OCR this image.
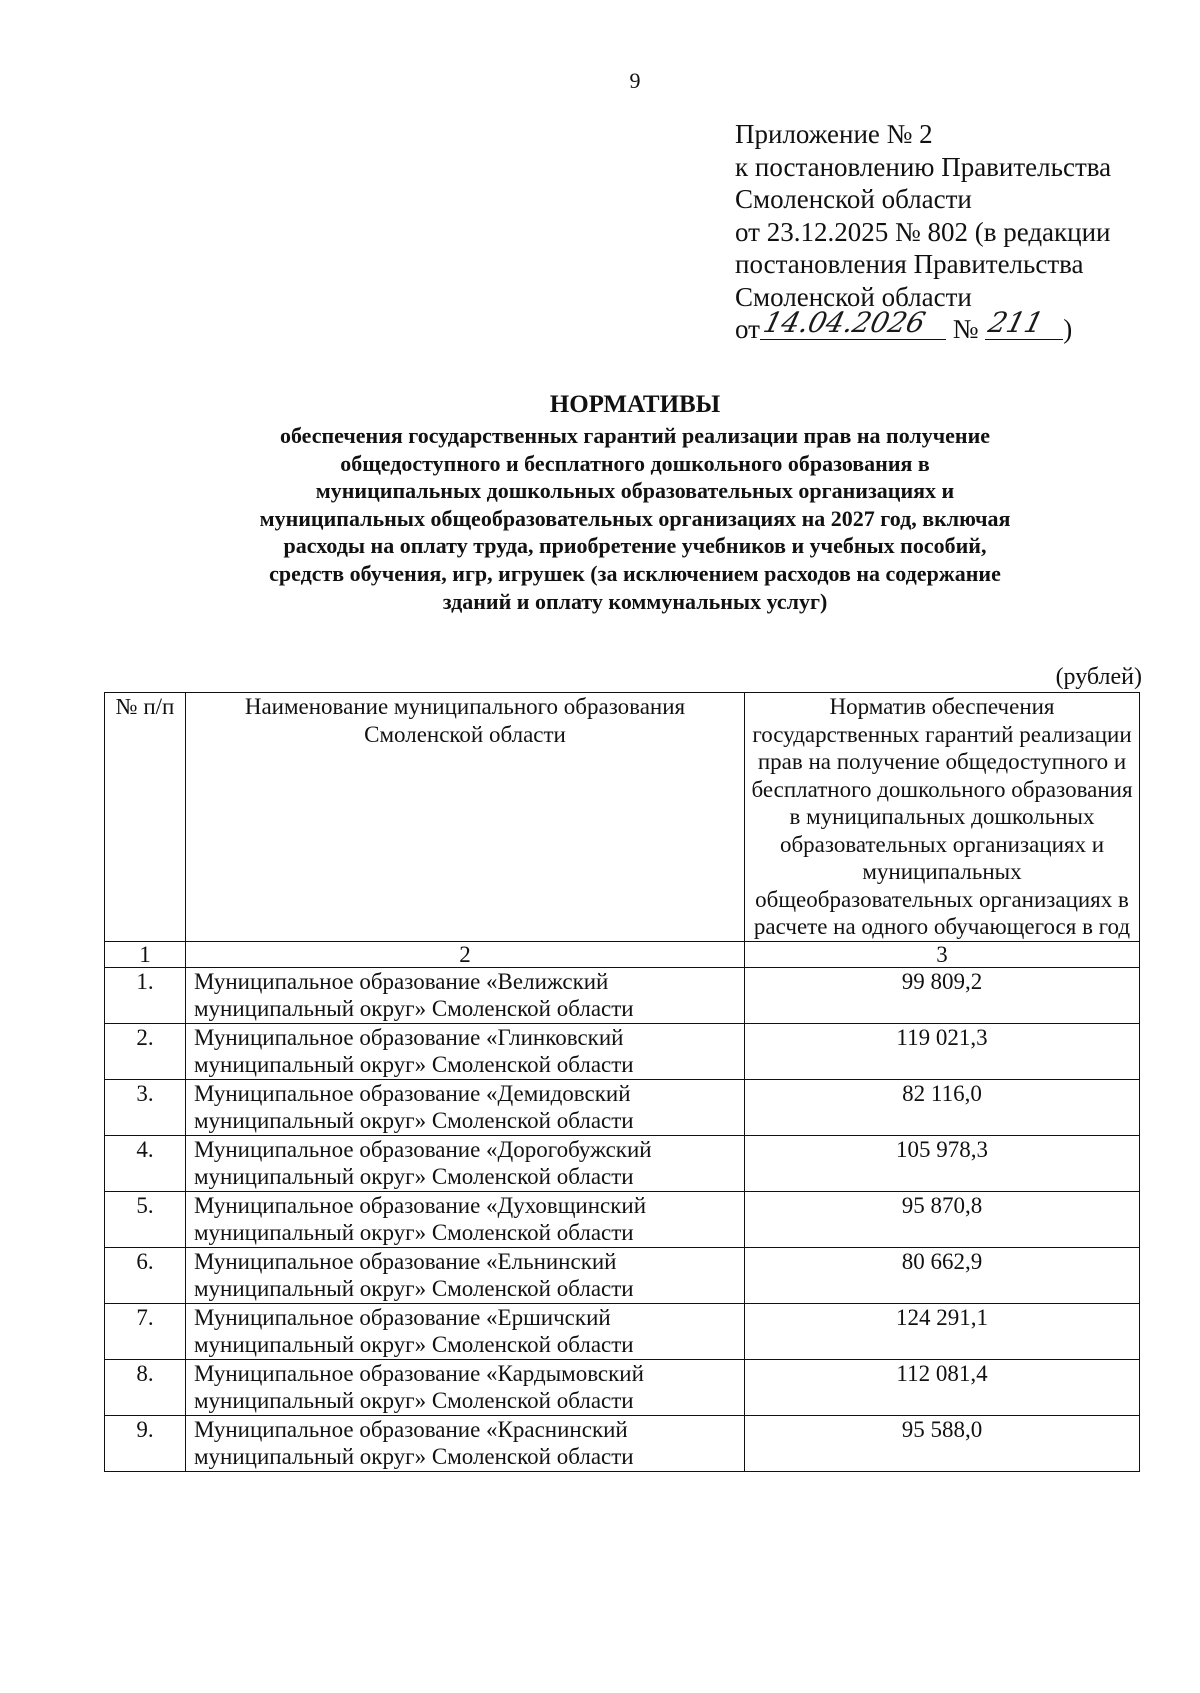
9
Приложение № 2
к постановлению Правительства
Смоленской области
от 23.12.2025 № 802 (в редакции
постановления Правительства
Смоленской области
от 14.04.2026 № 211 )
НОРМАТИВЫ
обеспечения государственных гарантий реализации прав на получение общедоступного и бесплатного дошкольного образования в муниципальных дошкольных образовательных организациях и муниципальных общеобразовательных организациях на 2027 год, включая расходы на оплату труда, приобретение учебников и учебных пособий, средств обучения, игр, игрушек (за исключением расходов на содержание зданий и оплату коммунальных услуг)
(рублей)
№ п/п	Наименование муниципального образования Смоленской области	Норматив обеспечения государственных гарантий реализации прав на получение общедоступного и бесплатного дошкольного образования в муниципальных дошкольных образовательных организациях и муниципальных общеобразовательных организациях в расчете на одного обучающегося в год
1	2	3
1.	Муниципальное образование «Велижский муниципальный округ» Смоленской области	99 809,2
2.	Муниципальное образование «Глинковский муниципальный округ» Смоленской области	119 021,3
3.	Муниципальное образование «Демидовский муниципальный округ» Смоленской области	82 116,0
4.	Муниципальное образование «Дорогобужский муниципальный округ» Смоленской области	105 978,3
5.	Муниципальное образование «Духовщинский муниципальный округ» Смоленской области	95 870,8
6.	Муниципальное образование «Ельнинский муниципальный округ» Смоленской области	80 662,9
7.	Муниципальное образование «Ершичский муниципальный округ» Смоленской области	124 291,1
8.	Муниципальное образование «Кардымовский муниципальный округ» Смоленской области	112 081,4
9.	Муниципальное образование «Краснинский муниципальный округ» Смоленской области	95 588,0
